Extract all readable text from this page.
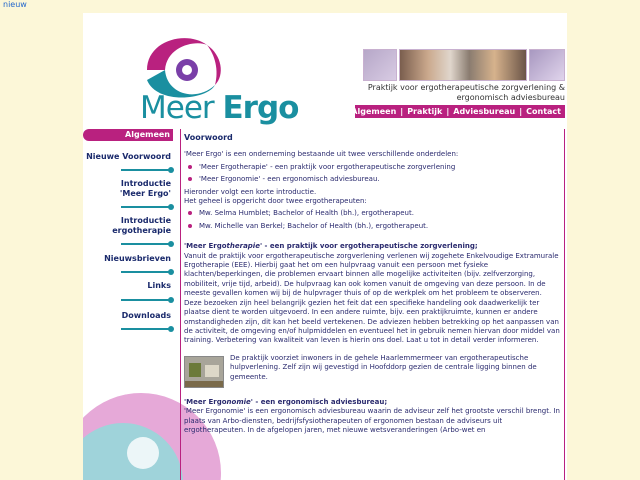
nieuw
Meer Ergo
Praktijk voor ergotherapeutische zorgverlening &
ergonomisch adviesbureau
Algemeen | Praktijk | Adviesbureau | Contact
Algemeen
Nieuwe Voorwoord
Introductie
'Meer Ergo'
Introductie
ergotherapie
Nieuwsbrieven
Links
Downloads
Voorwoord

'Meer Ergo' is een onderneming bestaande uit twee verschillende onderdelen:

'Meer Ergotherapie' - een praktijk voor ergotherapeutische zorgverlening
'Meer Ergonomie' - een ergonomisch adviesbureau.

Hieronder volgt een korte introductie.

Het geheel is opgericht door twee ergotherapeuten:

Mw. Selma Humblet; Bachelor of Health (bh.), ergotherapeut.
Mw. Michelle van Berkel; Bachelor of Health (bh.), ergotherapeut.

'Meer Ergotherapie' - een praktijk voor ergotherapeutische zorgverlening;

Vanuit de praktijk voor ergotherapeutische zorgverlening verlenen wij zogehete Enkelvoudige Extramurale Ergotherapie (EEE). Hierbij gaat het om een hulpvraag vanuit een persoon met fysieke klachten/beperkingen, die problemen ervaart binnen alle mogelijke activiteiten (bijv. zelfverzorging, mobiliteit, vrije tijd, arbeid). De hulpvraag kan ook komen vanuit de omgeving van deze persoon. In de meeste gevallen komen wij bij de hulpvrager thuis of op de werkplek om het probleem te observeren. Deze bezoeken zijn heel belangrijk gezien het feit dat een specifieke handeling ook daadwerkelijk ter plaatse dient te worden uitgevoerd. In een andere ruimte, bijv. een praktijkruimte, kunnen er andere omstandigheden zijn, dit kan het beeld vertekenen. De adviezen hebben betrekking op het aanpassen van de activiteit, de omgeving en/of hulpmiddelen en eventueel het in gebruik nemen hiervan door middel van training. Verbetering van kwaliteit van leven is hierin ons doel. Laat u tot in detail verder informeren.

De praktijk voorziet inwoners in de gehele Haarlemmermeer van ergotherapeutische hulpverlening. Zelf zijn wij gevestigd in Hoofddorp gezien de centrale ligging binnen de gemeente.

'Meer Ergonomie' - een ergonomisch adviesbureau;

'Meer Ergonomie' is een ergonomisch adviesbureau waarin de adviseur zelf het grootste verschil brengt. In plaats van Arbo-diensten, bedrijfsfysiotherapeuten of ergonomen bestaan de adviseurs uit ergotherapeuten. In de afgelopen jaren, met nieuwe wetsveranderingen (Arbo-wet en
